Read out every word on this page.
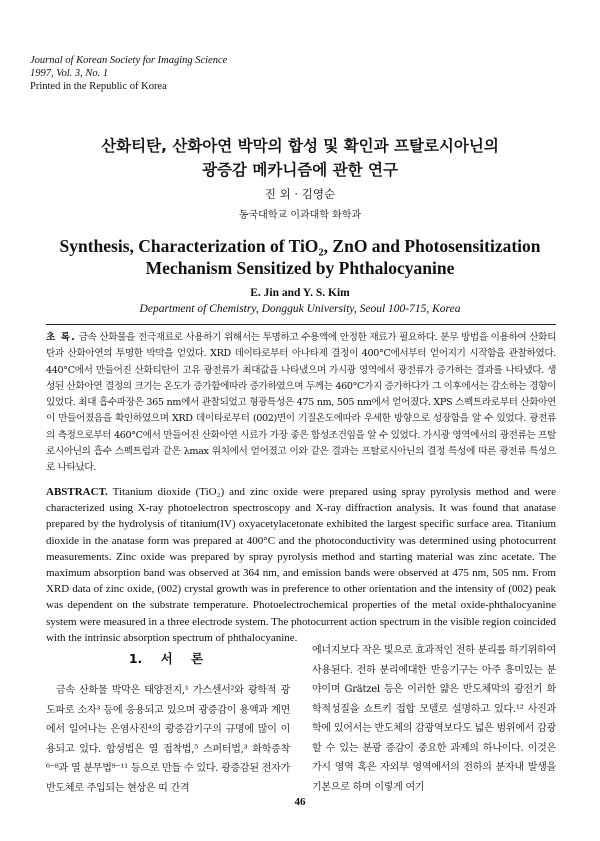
Journal of Korean Society for Imaging Science
1997, Vol. 3, No. 1
Printed in the Republic of Korea
산화티탄, 산화아연 박막의 합성 및 확인과 프탈로시아닌의
광증감 메카니즘에 관한 연구
진 외 · 김영순
동국대학교 이과대학 화학과
Synthesis, Characterization of TiO₂, ZnO and Photosensitization
Mechanism Sensitized by Phthalocyanine
E. Jin and Y. S. Kim
Department of Chemistry, Dongguk University, Seoul 100-715, Korea
초 록. 금속 산화물을 전극재료로 사용하기 위해서는 투명하고 수용액에 안정한 재료가 필요하다. 분무 방법을 이용하여 산화티탄과 산화아연의 투명한 박막을 얻었다. XRD 데이타로부터 아나타제 결정이 400°C에서부터 얻어지기 시작함을 관찰하였다. 440°C에서 만들어진 산화티탄이 고유 광전류가 최대값을 나타냈으며 가시광 영역에서 광전류가 증가하는 결과를 나타냈다. 생성된 산화아연 결정의 크기는 온도가 증가함에따라 증가하였으며 두께는 460°C가지 증가하다가 그 이후에서는 감소하는 경향이 있었다. 최대 흡수파장은 365 nm에서 관찰되었고 형광특성은 475 nm, 505 nm에서 얻어졌다. XPS 스펙트라로부터 산화아연이 만들어졌음을 확인하였으며 XRD 데이타로부터 (002)면이 기질온도에따라 우세한 방향으로 성장함을 알 수 있었다. 광전류의 측정으로부터 460°C에서 만들어진 산화아연 시료가 가장 좋은 합성조건임을 알 수 있었다. 가시광 영역에서의 광전류는 프탈로시아닌의 흡수 스펙트럼과 같은 λmax 위치에서 얻어졌고 이와 같은 결과는 프탈로시아닌의 결정 특성에 따른 광전류 특성으로 나타났다.
ABSTRACT. Titanium dioxide (TiO₂) and zinc oxide were prepared using spray pyrolysis method and were characterized using X-ray photoelectron spectroscopy and X-ray diffraction analysis. It was found that anatase prepared by the hydrolysis of titanium(IV) oxyacetylacetonate exhibited the largest specific surface area. Titanium dioxide in the anatase form was prepared at 400°C and the photoconductivity was determined using photocurrent measurements. Zinc oxide was prepared by spray pyrolysis method and starting material was zinc acetate. The maximum absorption band was observed at 364 nm, and emission bands were observed at 475 nm, 505 nm. From XRD data of zinc oxide, (002) crystal growth was in preference to other orientation and the intensity of (002) peak was dependent on the substrate temperature. Photoelectrochemical properties of the metal oxide-phthalocyanine system were measured in a three electrode system. The photocurrent action spectrum in the visible region coincided with the intrinsic absorption spectrum of phthalocyanine.
1. 서 론
금속 산화물 박막은 태양전지,¹ 가스센서²와 광학적 광도파로 소자³ 등에 응용되고 있으며 광증감이 용액과 계면에서 일어나는 은염사진⁴의 광증감기구의 규명에 많이 이용되고 있다. 합성법은 열 접착법,⁵ 스퍼터법,³ 화학증착⁶⁻⁸과 열 분무법⁹⁻¹¹ 등으로 만들 수 있다. 광증감된 전자가 반도체로 주입되는 현상은 띠 간격
에너지보다 작은 빛으로 효과적인 전하 분리를 하기위하여 사용된다. 전하 분리에대한 반응기구는 아주 흥미있는 분야이며 Grätzel 등은 이러한 얇은 반도체막의 광전기 화학적성질을 쇼트키 접합 모델로 설명하고 있다.¹² 사진과학에 있어서는 반도체의 감광역보다도 넓은 범위에서 감광할 수 있는 분광 증감이 중요한 과제의 하나이다. 이것은 가시 영역 혹은 자외부 영역에서의 전하의 분자내 발생을 기본으로 하며 이렇게 여기
46
